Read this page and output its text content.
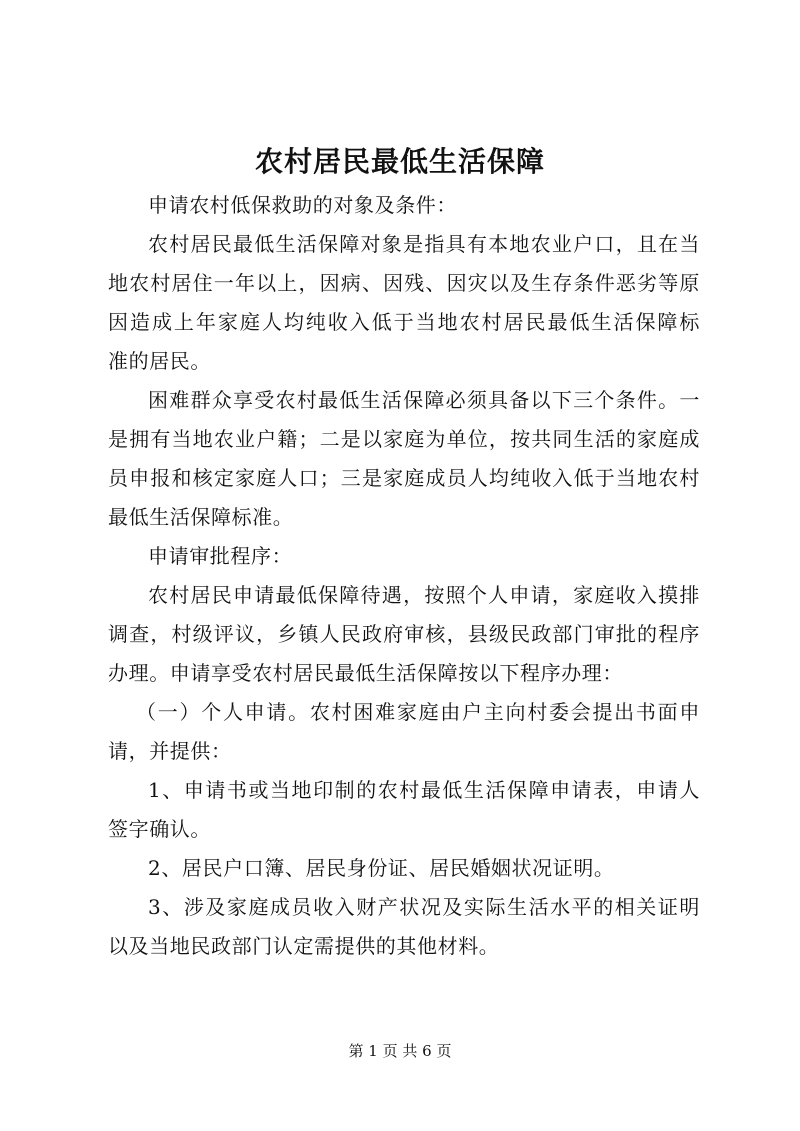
农村居民最低生活保障

申请农村低保救助的对象及条件：

农村居民最低生活保障对象是指具有本地农业户口，且在当
地农村居住一年以上，因病、因残、因灾以及生存条件恶劣等原
因造成上年家庭人均纯收入低于当地农村居民最低生活保障标
准的居民。

困难群众享受农村最低生活保障必须具备以下三个条件。一
是拥有当地农业户籍；二是以家庭为单位，按共同生活的家庭成
员申报和核定家庭人口；三是家庭成员人均纯收入低于当地农村
最低生活保障标准。

申请审批程序：

农村居民申请最低保障待遇，按照个人申请，家庭收入摸排
调查，村级评议，乡镇人民政府审核，县级民政部门审批的程序
办理。申请享受农村居民最低生活保障按以下程序办理：

（一）个人申请。农村困难家庭由户主向村委会提出书面申
请，并提供：

1、申请书或当地印制的农村最低生活保障申请表，申请人
签字确认。

2、居民户口簿、居民身份证、居民婚姻状况证明。

3、涉及家庭成员收入财产状况及实际生活水平的相关证明
以及当地民政部门认定需提供的其他材料。

第 1 页 共 6 页
